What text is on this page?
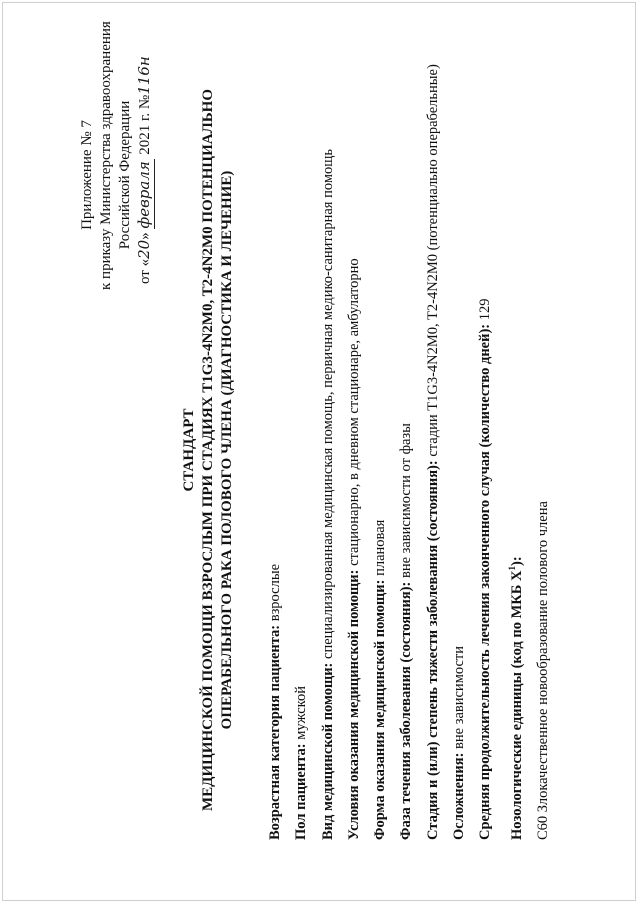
Приложение № 7 к приказу Министерства здравоохранения Российской Федерации
от «20» февраля 2021 г. №116н
СТАНДАРТ МЕДИЦИНСКОЙ ПОМОЩИ ВЗРОСЛЫМ ПРИ СТАДИЯХ T1G3-4N2M0, T2-4N2M0 ПОТЕНЦИАЛЬНО ОПЕРАБЕЛЬНОГО РАКА ПОЛОВОГО ЧЛЕНА (ДИАГНОСТИКА И ЛЕЧЕНИЕ)
Возрастная категория пациента: взрослые
Пол пациента: мужской Вид медицинской помощи: специализированная медицинская помощь, первичная медико-санитарная помощь
Условия оказания медицинской помощи: стационарно, в дневном стационаре, амбулаторно
Форма оказания медицинской помощи: плановая
Фаза течения заболевания (состояния): вне зависимости от фазы Стадия и (или) степень тяжести заболевания (состояния): стадии T1G3-4N2M0, T2-4N2M0 (потенциально операбельные)
Осложнения: вне зависимости Средняя продолжительность лечения законченного случая (количество дней): 129
Нозологические единицы (код по МКБ $X^1$): C60 Злокачественное новообразование полового члена
